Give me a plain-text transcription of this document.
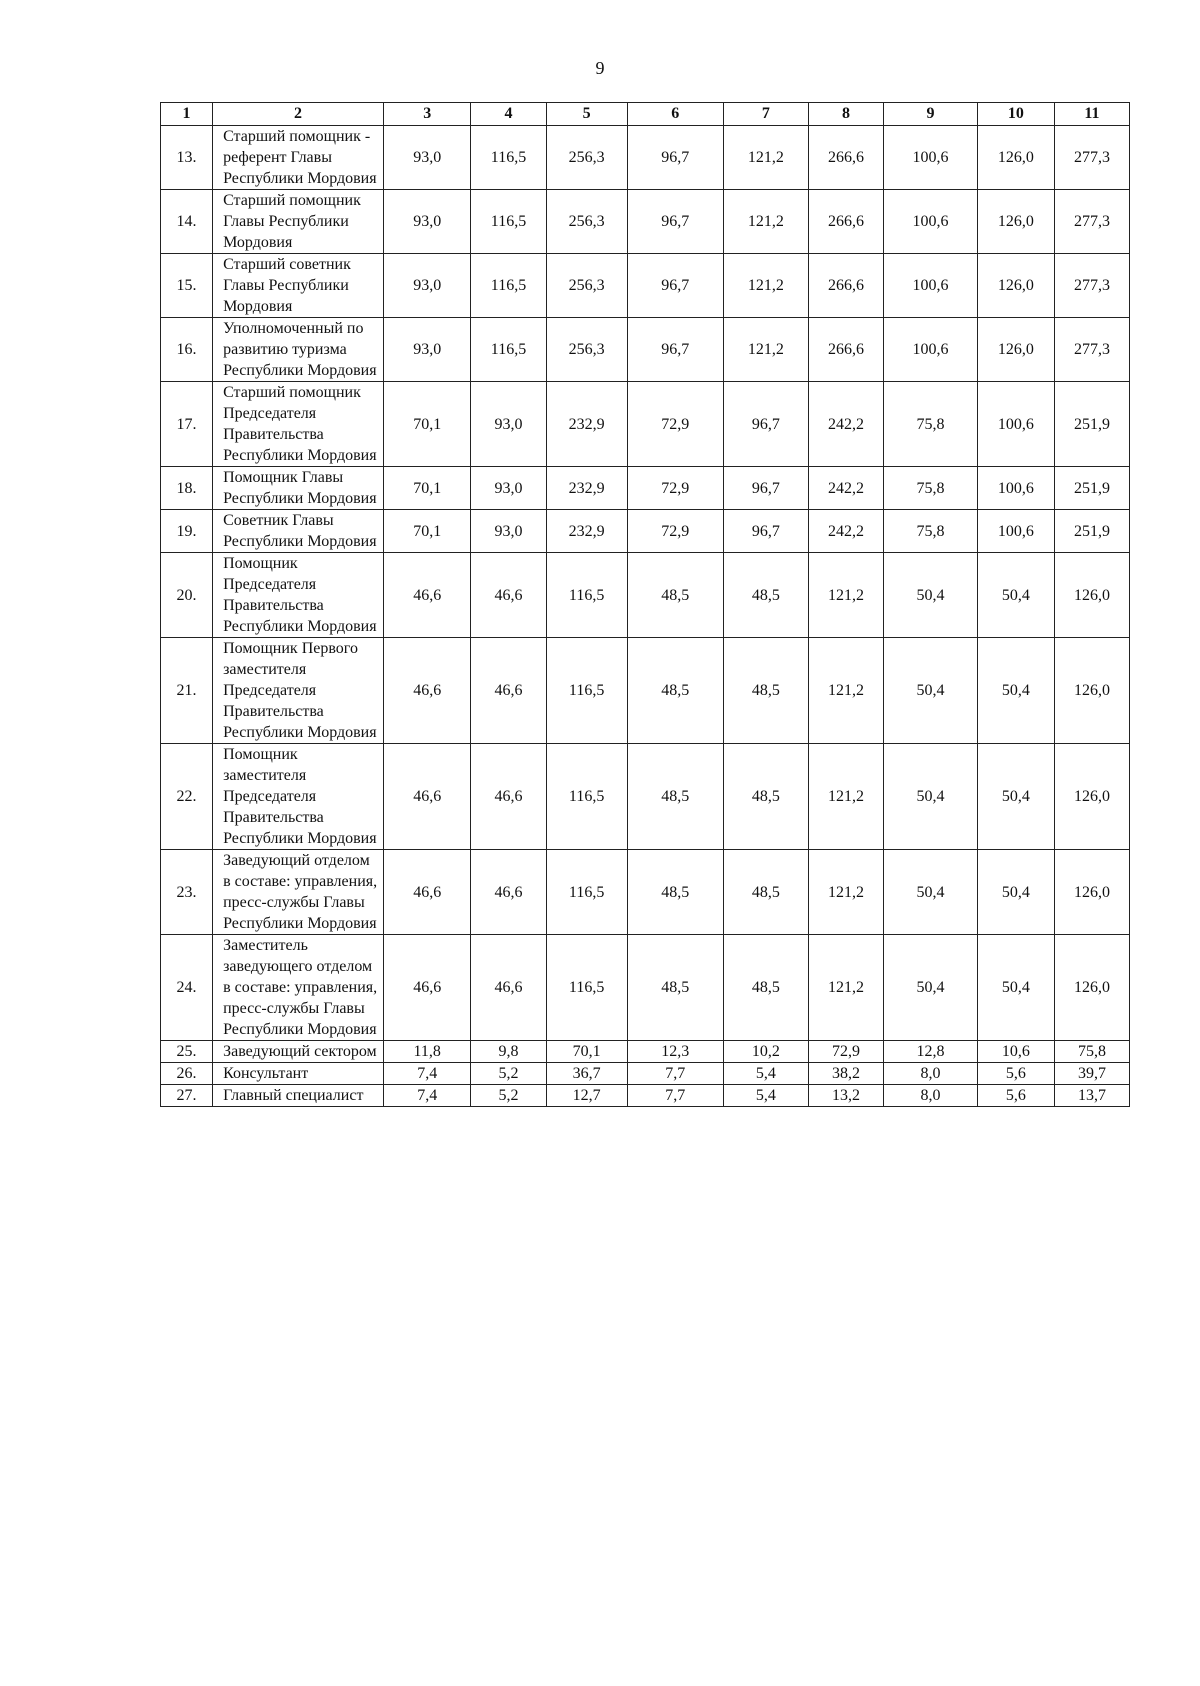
9
1	2	3	4	5	6	7	8	9	10	11
13.	Старший помощник - референт Главы Республики Мордовия	93,0	116,5	256,3	96,7	121,2	266,6	100,6	126,0	277,3
14.	Старший помощник Главы Республики Мордовия	93,0	116,5	256,3	96,7	121,2	266,6	100,6	126,0	277,3
15.	Старший советник Главы Республики Мордовия	93,0	116,5	256,3	96,7	121,2	266,6	100,6	126,0	277,3
16.	Уполномоченный по развитию туризма Республики Мордовия	93,0	116,5	256,3	96,7	121,2	266,6	100,6	126,0	277,3
17.	Старший помощник Председателя Правительства Республики Мордовия	70,1	93,0	232,9	72,9	96,7	242,2	75,8	100,6	251,9
18.	Помощник Главы Республики Мордовия	70,1	93,0	232,9	72,9	96,7	242,2	75,8	100,6	251,9
19.	Советник Главы Республики Мордовия	70,1	93,0	232,9	72,9	96,7	242,2	75,8	100,6	251,9
20.	Помощник Председателя Правительства Республики Мордовия	46,6	46,6	116,5	48,5	48,5	121,2	50,4	50,4	126,0
21.	Помощник Первого заместителя Председателя Правительства Республики Мордовия	46,6	46,6	116,5	48,5	48,5	121,2	50,4	50,4	126,0
22.	Помощник заместителя Председателя Правительства Республики Мордовия	46,6	46,6	116,5	48,5	48,5	121,2	50,4	50,4	126,0
23.	Заведующий отделом в составе: управления, пресс-службы Главы Республики Мордовия	46,6	46,6	116,5	48,5	48,5	121,2	50,4	50,4	126,0
24.	Заместитель заведующего отделом в составе: управления, пресс-службы Главы Республики Мордовия	46,6	46,6	116,5	48,5	48,5	121,2	50,4	50,4	126,0
25.	Заведующий сектором	11,8	9,8	70,1	12,3	10,2	72,9	12,8	10,6	75,8
26.	Консультант	7,4	5,2	36,7	7,7	5,4	38,2	8,0	5,6	39,7
27.	Главный специалист	7,4	5,2	12,7	7,7	5,4	13,2	8,0	5,6	13,7
